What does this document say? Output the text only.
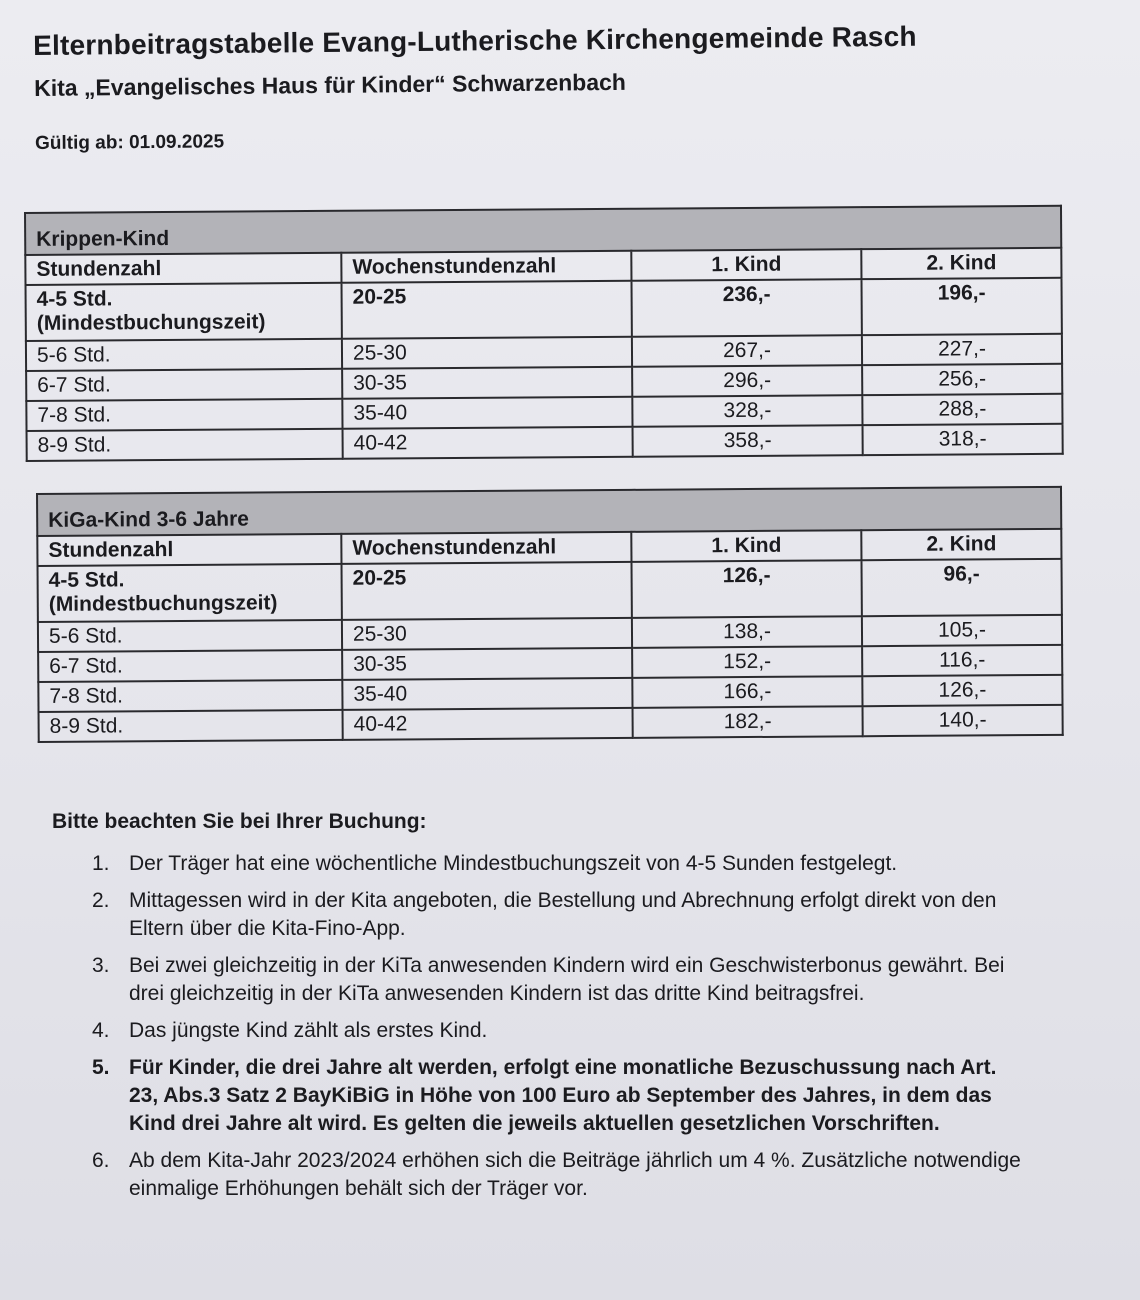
Elternbeitragstabelle Evang-Lutherische Kirchengemeinde Rasch
Kita „Evangelisches Haus für Kinder“ Schwarzenbach
Gültig ab: 01.09.2025
Krippen-Kind			
Stundenzahl	Wochenstundenzahl	1. Kind	2. Kind
4-5 Std.
(Mindestbuchungszeit)	20-25	236,-	196,-
5-6 Std.	25-30	267,-	227,-
6-7 Std.	30-35	296,-	256,-
7-8 Std.	35-40	328,-	288,-
8-9 Std.	40-42	358,-	318,-
KiGa-Kind 3-6 Jahre			
Stundenzahl	Wochenstundenzahl	1. Kind	2. Kind
4-5 Std.
(Mindestbuchungszeit)	20-25	126,-	96,-
5-6 Std.	25-30	138,-	105,-
6-7 Std.	30-35	152,-	116,-
7-8 Std.	35-40	166,-	126,-
8-9 Std.	40-42	182,-	140,-
Bitte beachten Sie bei Ihrer Buchung:
1. Der Träger hat eine wöchentliche Mindestbuchungszeit von 4-5 Sunden festgelegt.
2. Mittagessen wird in der Kita angeboten, die Bestellung und Abrechnung erfolgt direkt von den Eltern über die Kita-Fino-App.
3. Bei zwei gleichzeitig in der KiTa anwesenden Kindern wird ein Geschwisterbonus gewährt. Bei drei gleichzeitig in der KiTa anwesenden Kindern ist das dritte Kind beitragsfrei.
4. Das jüngste Kind zählt als erstes Kind.
5. Für Kinder, die drei Jahre alt werden, erfolgt eine monatliche Bezuschussung nach Art. 23, Abs.3 Satz 2 BayKiBiG in Höhe von 100 Euro ab September des Jahres, in dem das Kind drei Jahre alt wird. Es gelten die jeweils aktuellen gesetzlichen Vorschriften.
6. Ab dem Kita-Jahr 2023/2024 erhöhen sich die Beiträge jährlich um 4 %. Zusätzliche notwendige einmalige Erhöhungen behält sich der Träger vor.
